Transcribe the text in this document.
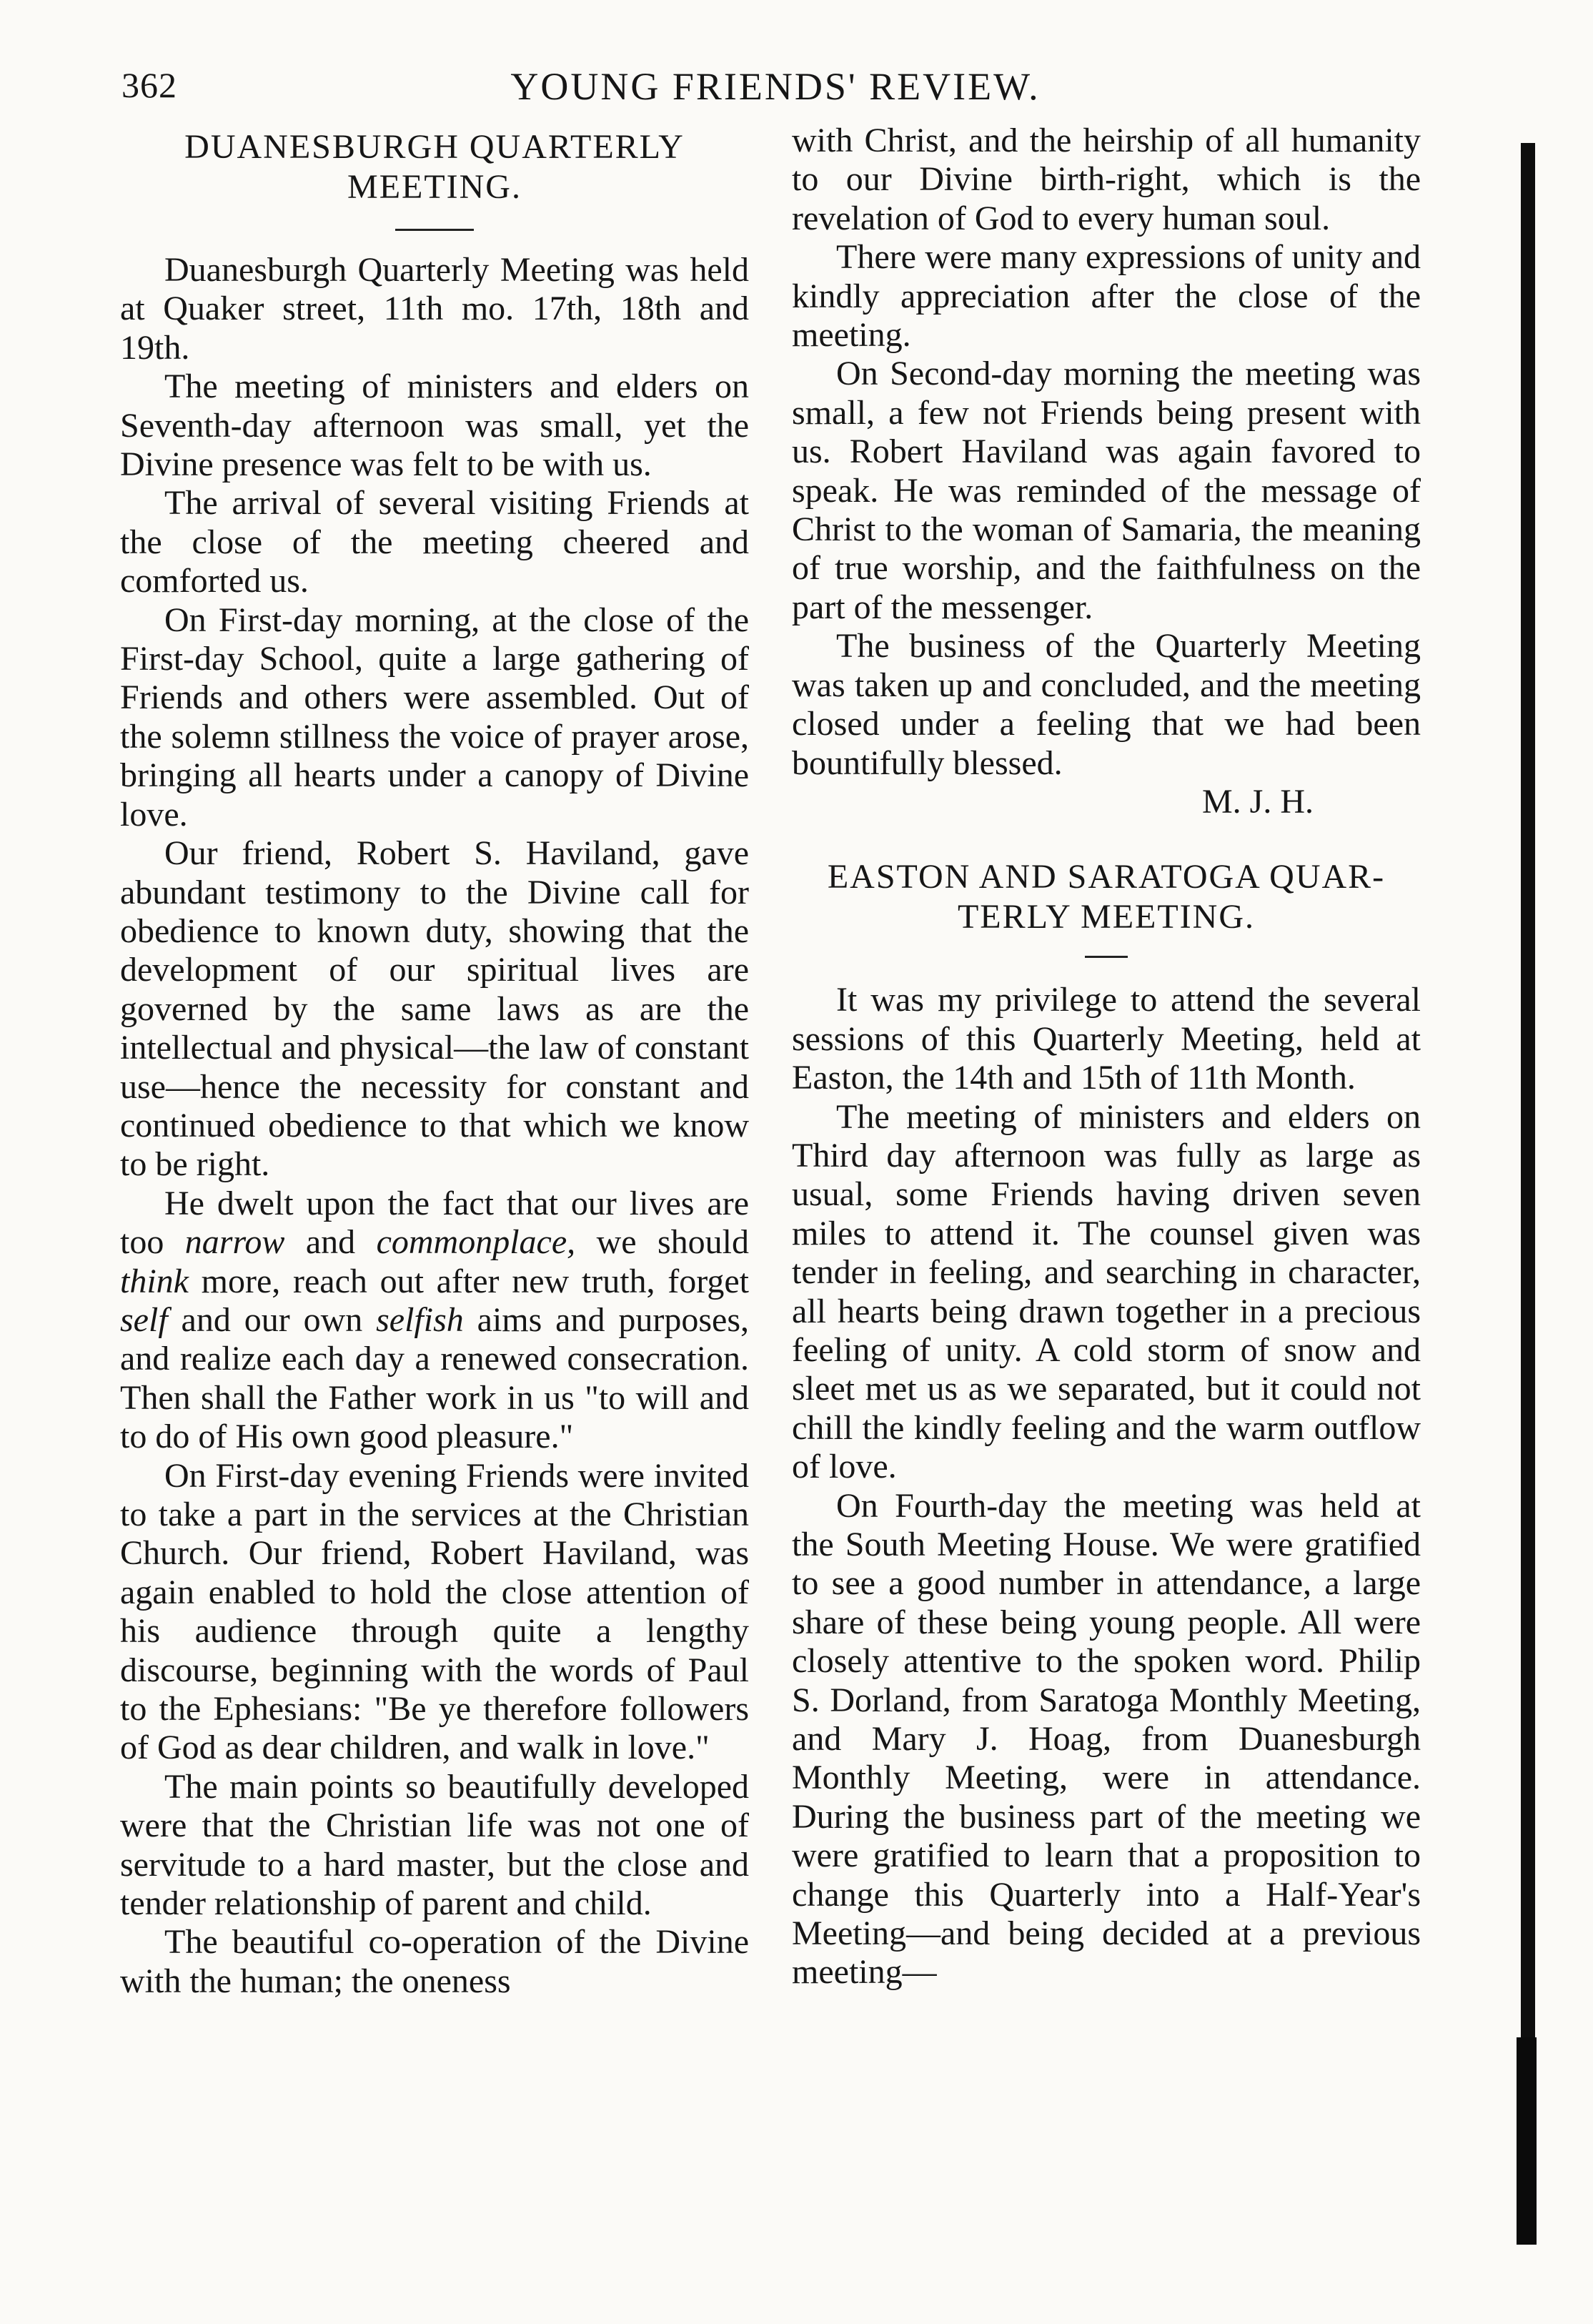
362	YOUNG FRIENDS' REVIEW.
DUANESBURGH QUARTERLY
MEETING.

Duanesburgh Quarterly Meeting was held at Quaker street, 11th mo. 17th, 18th and 19th.

The meeting of ministers and elders on Seventh-day afternoon was small, yet the Divine presence was felt to be with us.

The arrival of several visiting Friends at the close of the meeting cheered and comforted us.

On First-day morning, at the close of the First-day School, quite a large gathering of Friends and others were assembled. Out of the solemn stillness the voice of prayer arose, bringing all hearts under a canopy of Divine love.

Our friend, Robert S. Haviland, gave abundant testimony to the Divine call for obedience to known duty, showing that the development of our spiritual lives are governed by the same laws as are the intellectual and physical—the law of constant use—hence the necessity for constant and continued obedience to that which we know to be right.

He dwelt upon the fact that our lives are too narrow and commonplace, we should think more, reach out after new truth, forget self and our own selfish aims and purposes, and realize each day a renewed consecration. Then shall the Father work in us "to will and to do of His own good pleasure."

On First-day evening Friends were invited to take a part in the services at the Christian Church. Our friend, Robert Haviland, was again enabled to hold the close attention of his audience through quite a lengthy discourse, beginning with the words of Paul to the Ephesians: "Be ye therefore followers of God as dear children, and walk in love."

The main points so beautifully developed were that the Christian life was not one of servitude to a hard master, but the close and tender relationship of parent and child.

The beautiful co-operation of the Divine with the human; the oneness

with Christ, and the heirship of all humanity to our Divine birth-right, which is the revelation of God to every human soul.

There were many expressions of unity and kindly appreciation after the close of the meeting.

On Second-day morning the meeting was small, a few not Friends being present with us. Robert Haviland was again favored to speak. He was reminded of the message of Christ to the woman of Samaria, the meaning of true worship, and the faithfulness on the part of the messenger.

The business of the Quarterly Meeting was taken up and concluded, and the meeting closed under a feeling that we had been bountifully blessed.

M. J. H.
EASTON AND SARATOGA QUAR-
TERLY MEETING.

It was my privilege to attend the several sessions of this Quarterly Meeting, held at Easton, the 14th and 15th of 11th Month.

The meeting of ministers and elders on Third day afternoon was fully as large as usual, some Friends having driven seven miles to attend it. The counsel given was tender in feeling, and searching in character, all hearts being drawn together in a precious feeling of unity. A cold storm of snow and sleet met us as we separated, but it could not chill the kindly feeling and the warm outflow of love.

On Fourth-day the meeting was held at the South Meeting House. We were gratified to see a good number in attendance, a large share of these being young people. All were closely attentive to the spoken word. Philip S. Dorland, from Saratoga Monthly Meeting, and Mary J. Hoag, from Duanesburgh Monthly Meeting, were in attendance. During the business part of the meeting we were gratified to learn that a proposition to change this Quarterly into a Half-Year's Meeting—and being decided at a previous meeting—
